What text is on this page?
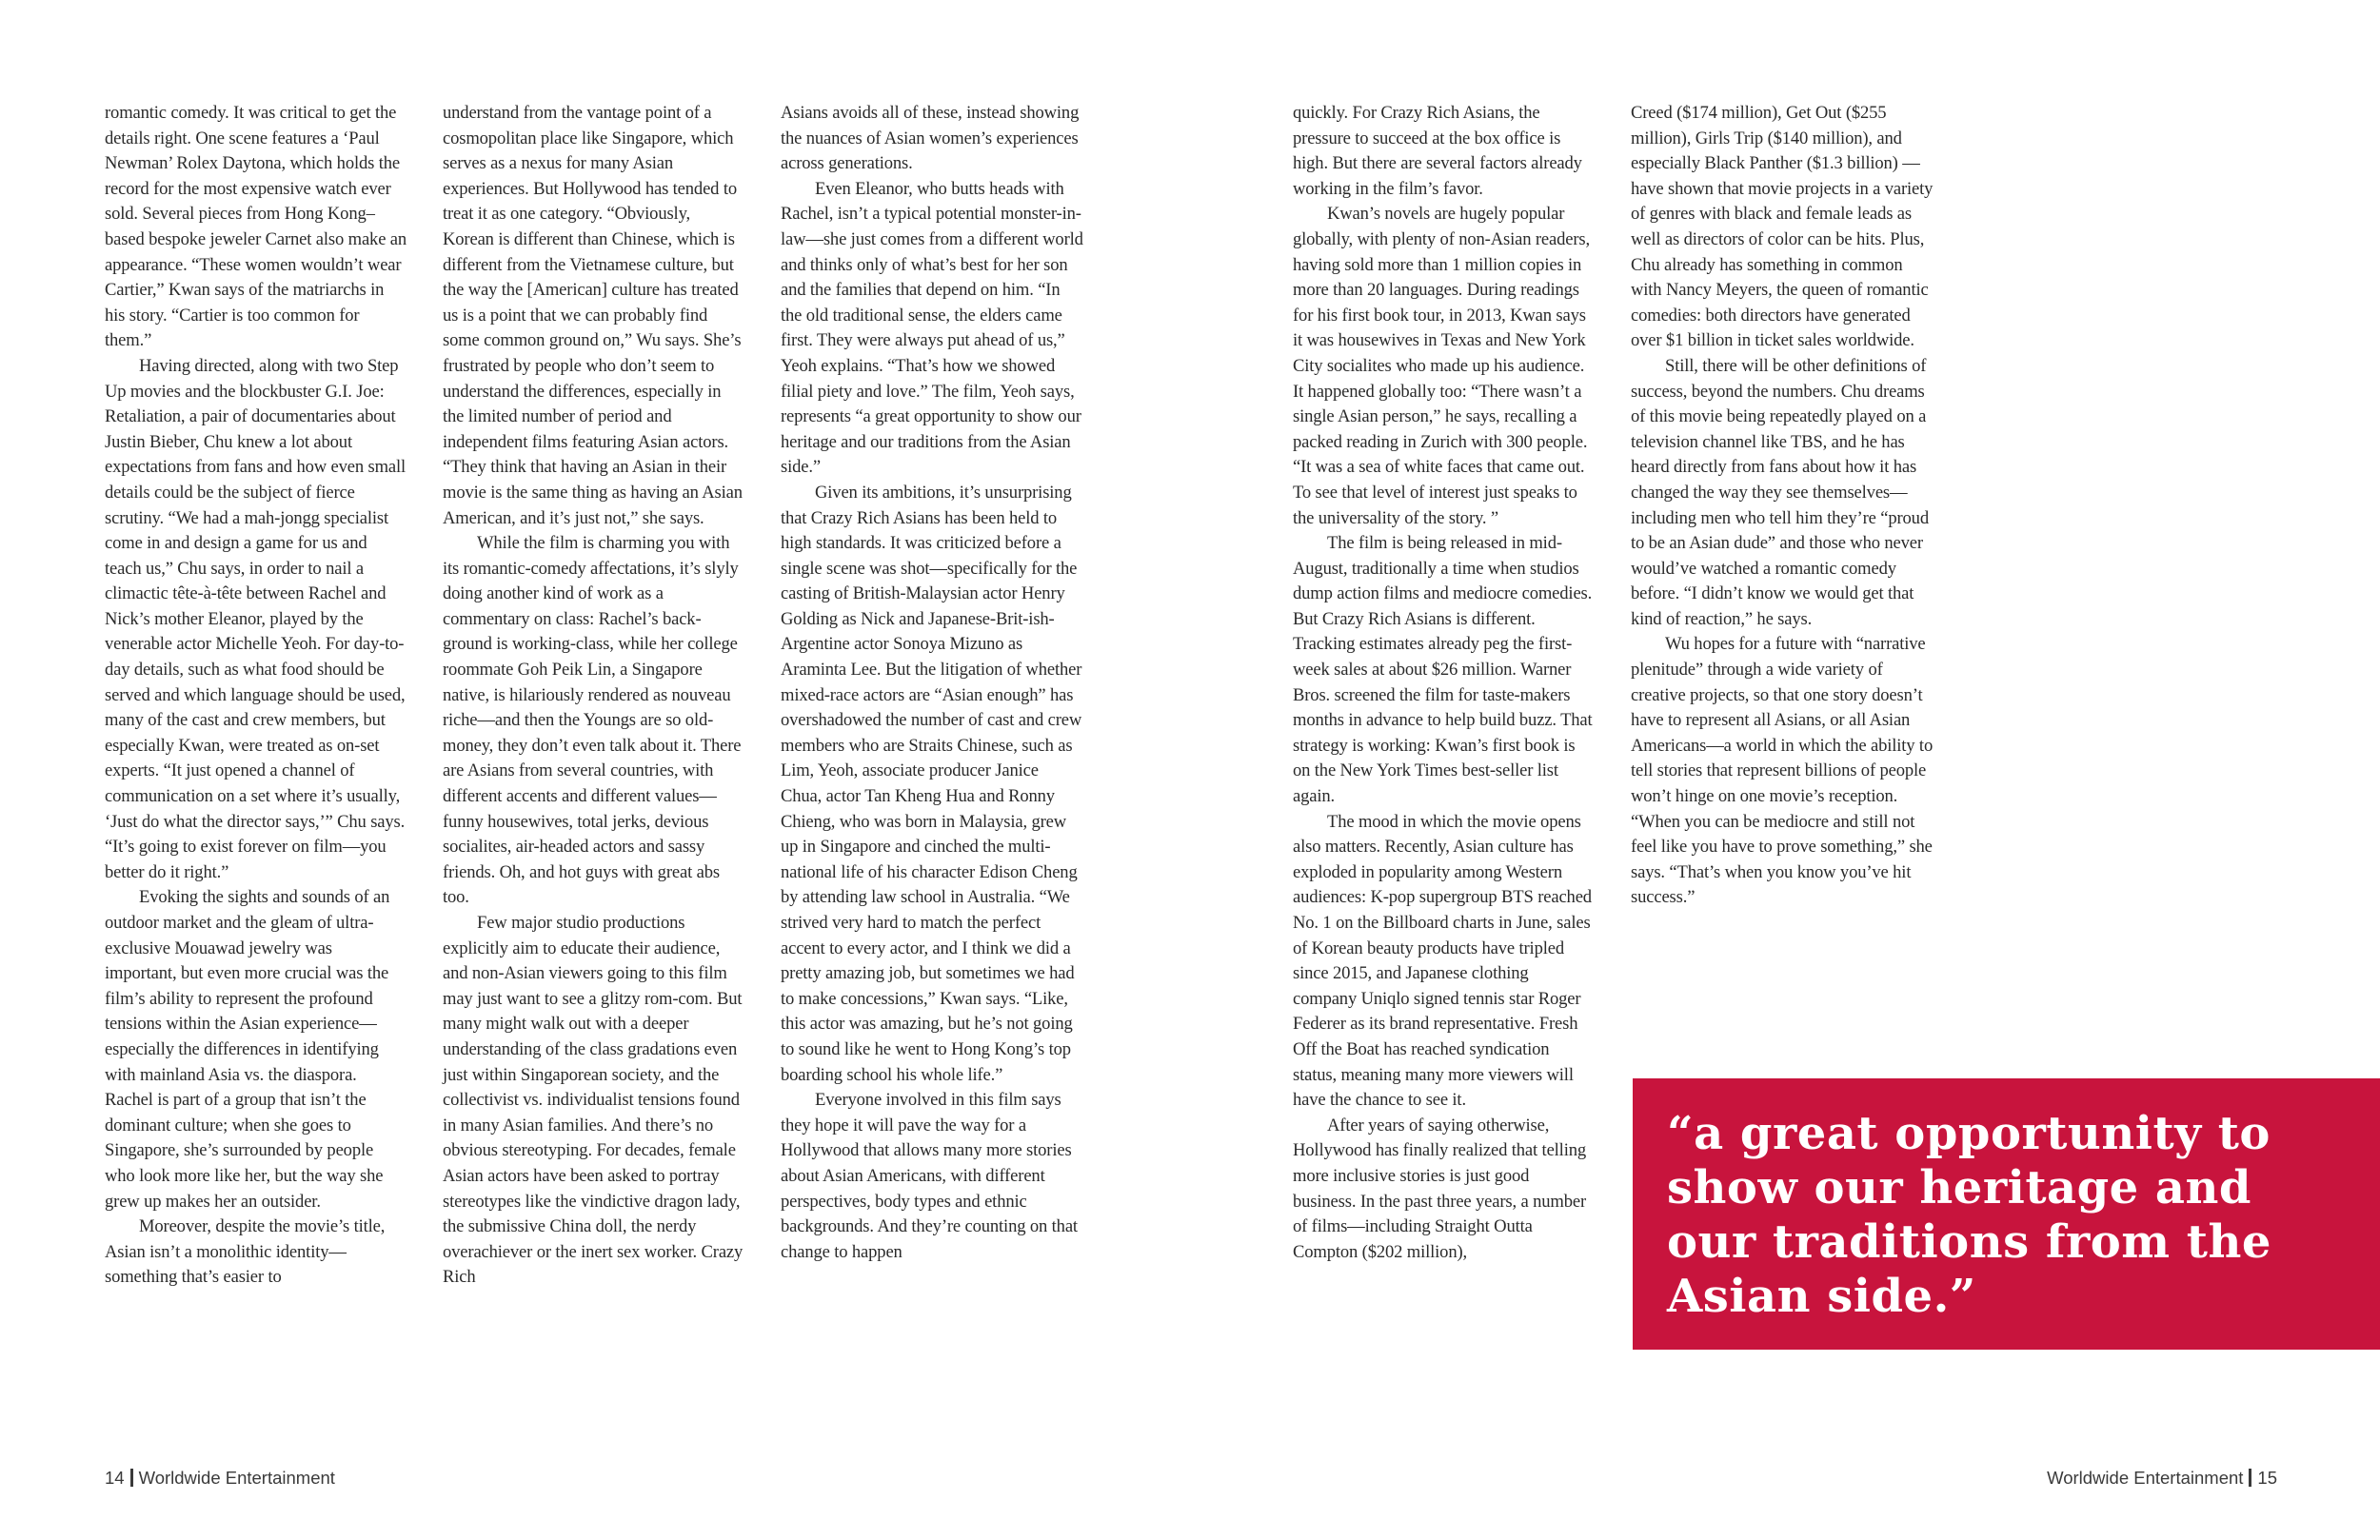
romantic comedy. It was critical to get the details right. One scene features a ‘Paul Newman’ Rolex Daytona, which holds the record for the most expensive watch ever sold. Several pieces from Hong Kong–based bespoke jeweler Carnet also make an appearance. “These women wouldn’t wear Cartier,” Kwan says of the matriarchs in his story. “Cartier is too common for them.”

Having directed, along with two Step Up movies and the blockbuster G.I. Joe: Retaliation, a pair of documentaries about Justin Bieber, Chu knew a lot about expectations from fans and how even small details could be the subject of fierce scrutiny. “We had a mah-jongg specialist come in and design a game for us and teach us,” Chu says, in order to nail a climactic tête-à-tête between Rachel and Nick’s mother Eleanor, played by the venerable actor Michelle Yeoh. For day-to-day details, such as what food should be served and which language should be used, many of the cast and crew members, but especially Kwan, were treated as on-set experts. “It just opened a channel of communication on a set where it’s usually, ‘Just do what the director says,’” Chu says. “It’s going to exist forever on film—you better do it right.”

Evoking the sights and sounds of an outdoor market and the gleam of ultra-exclusive Mouawad jewelry was important, but even more crucial was the film’s ability to represent the profound tensions within the Asian experience—especially the differences in identifying with mainland Asia vs. the diaspora. Rachel is part of a group that isn’t the dominant culture; when she goes to Singapore, she’s surrounded by people who look more like her, but the way she grew up makes her an outsider.

Moreover, despite the movie’s title, Asian isn’t a monolithic identity—something that’s easier to

understand from the vantage point of a cosmopolitan place like Singapore, which serves as a nexus for many Asian experiences. But Hollywood has tended to treat it as one category. “Obviously, Korean is different than Chinese, which is different from the Vietnamese culture, but the way the [American] culture has treated us is a point that we can probably find some common ground on,” Wu says. She’s frustrated by people who don’t seem to understand the differences, especially in the limited number of period and independent films featuring Asian actors. “They think that having an Asian in their movie is the same thing as having an Asian American, and it’s just not,” she says.

While the film is charming you with its romantic-comedy affectations, it’s slyly doing another kind of work as a commentary on class: Rachel’s back-ground is working-class, while her college roommate Goh Peik Lin, a Singapore native, is hilariously rendered as nouveau riche—and then the Youngs are so old-money, they don’t even talk about it. There are Asians from several countries, with different accents and different values—funny housewives, total jerks, devious socialites, air-headed actors and sassy friends. Oh, and hot guys with great abs too.

Few major studio productions explicitly aim to educate their audience, and non-Asian viewers going to this film may just want to see a glitzy rom-com. But many might walk out with a deeper understanding of the class gradations even just within Singaporean society, and the collectivist vs. individualist tensions found in many Asian families. And there’s no obvious stereotyping. For decades, female Asian actors have been asked to portray stereotypes like the vindictive dragon lady, the submissive China doll, the nerdy overachiever or the inert sex worker. Crazy Rich

Asians avoids all of these, instead showing the nuances of Asian women’s experiences across generations.

Even Eleanor, who butts heads with Rachel, isn’t a typical potential monster-in-law—she just comes from a different world and thinks only of what’s best for her son and the families that depend on him. “In the old traditional sense, the elders came first. They were always put ahead of us,” Yeoh explains. “That’s how we showed filial piety and love.” The film, Yeoh says, represents “a great opportunity to show our heritage and our traditions from the Asian side.”

Given its ambitions, it’s unsurprising that Crazy Rich Asians has been held to high standards. It was criticized before a single scene was shot—specifically for the casting of British-Malaysian actor Henry Golding as Nick and Japanese-Brit-ish-Argentine actor Sonoya Mizuno as Araminta Lee. But the litigation of whether mixed-race actors are “Asian enough” has overshadowed the number of cast and crew members who are Straits Chinese, such as Lim, Yeoh, associate producer Janice Chua, actor Tan Kheng Hua and Ronny Chieng, who was born in Malaysia, grew up in Singapore and cinched the multi-national life of his character Edison Cheng by attending law school in Australia. “We strived very hard to match the perfect accent to every actor, and I think we did a pretty amazing job, but sometimes we had to make concessions,” Kwan says. “Like, this actor was amazing, but he’s not going to sound like he went to Hong Kong’s top boarding school his whole life.”

Everyone involved in this film says they hope it will pave the way for a Hollywood that allows many more stories about Asian Americans, with different perspectives, body types and ethnic backgrounds. And they’re counting on that change to happen

14 Worldwide Entertainment

quickly. For Crazy Rich Asians, the pressure to succeed at the box office is high. But there are several factors already working in the film’s favor.

Kwan’s novels are hugely popular globally, with plenty of non-Asian readers, having sold more than 1 million copies in more than 20 languages. During readings for his first book tour, in 2013, Kwan says it was housewives in Texas and New York City socialites who made up his audience. It happened globally too: “There wasn’t a single Asian person,” he says, recalling a packed reading in Zurich with 300 people. “It was a sea of white faces that came out. To see that level of interest just speaks to the universality of the story. ”

The film is being released in mid-August, traditionally a time when studios dump action films and mediocre comedies. But Crazy Rich Asians is different. Tracking estimates already peg the first-week sales at about $26 million. Warner Bros. screened the film for taste-makers months in advance to help build buzz. That strategy is working: Kwan’s first book is on the New York Times best-seller list again.

The mood in which the movie opens also matters. Recently, Asian culture has exploded in popularity among Western audiences: K-pop supergroup BTS reached No. 1 on the Billboard charts in June, sales of Korean beauty products have tripled since 2015, and Japanese clothing company Uniqlo signed tennis star Roger Federer as its brand representative. Fresh Off the Boat has reached syndication status, meaning many more viewers will have the chance to see it.

After years of saying otherwise, Hollywood has finally realized that telling more inclusive stories is just good business. In the past three years, a number of films—including Straight Outta Compton ($202 million),

Creed ($174 million), Get Out ($255 million), Girls Trip ($140 million), and especially Black Panther ($1.3 billion) —have shown that movie projects in a variety of genres with black and female leads as well as directors of color can be hits. Plus, Chu already has something in common with Nancy Meyers, the queen of romantic comedies: both directors have generated over $1 billion in ticket sales worldwide.

Still, there will be other definitions of success, beyond the numbers. Chu dreams of this movie being repeatedly played on a television channel like TBS, and he has heard directly from fans about how it has changed the way they see themselves—including men who tell him they’re “proud to be an Asian dude” and those who never would’ve watched a romantic comedy before. “I didn’t know we would get that kind of reaction,” he says.

Wu hopes for a future with “narrative plenitude” through a wide variety of creative projects, so that one story doesn’t have to represent all Asians, or all Asian Americans—a world in which the ability to tell stories that represent billions of people won’t hinge on one movie’s reception. “When you can be mediocre and still not feel like you have to prove something,” she says. “That’s when you know you’ve hit success.”

“a great opportunity to show our heritage and our traditions from the Asian side.”

Worldwide Entertainment 15
